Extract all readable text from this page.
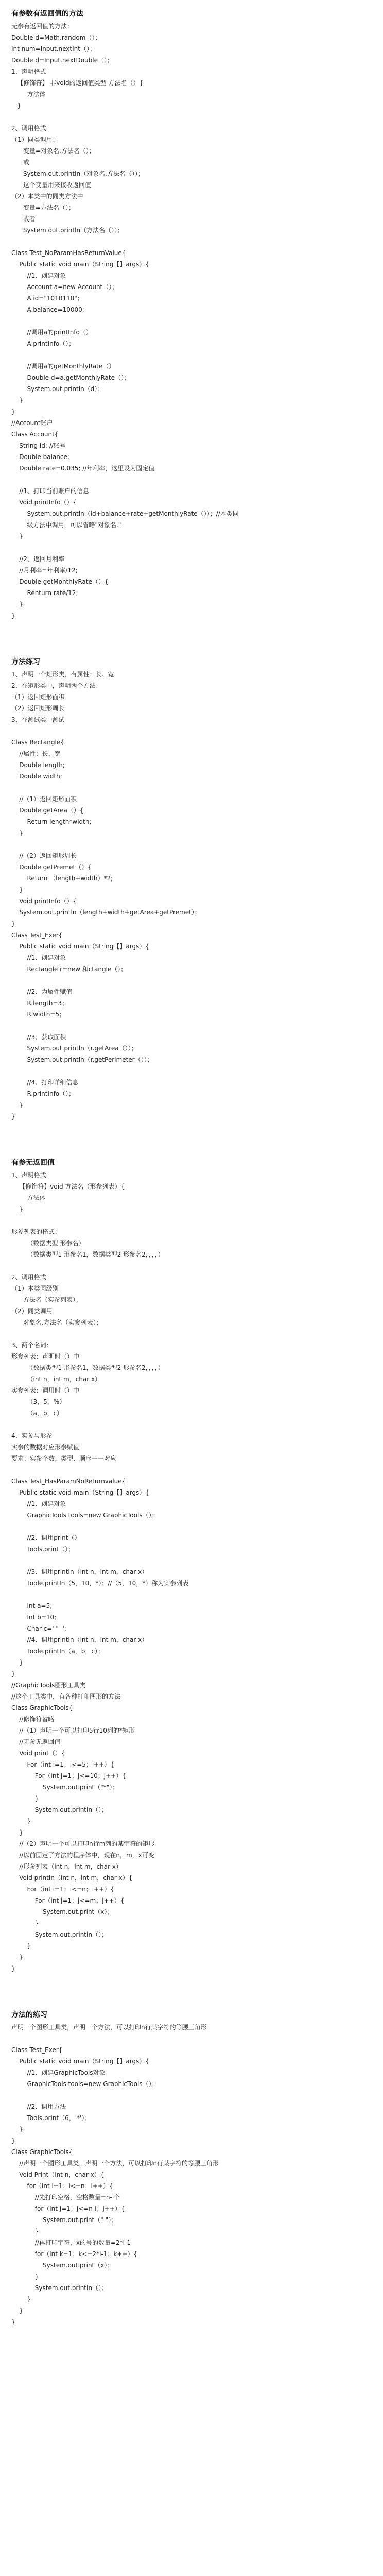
有参数有返回值的方法
无参有返回值的方法：
Double d=Math.random（）；
Int num=Input.nextInt（）；
Double d=Input.nextDouble（）；
1、声明格式
【修饰符】 非void的返回值类型 方法名（）{
方法体
}
2、调用格式
（1）同类调用：
变量=对象名.方法名（）；
或
System.out.println（对象名.方法名（））；
这个变量用来接收返回值
（2）本类中的同类方法中
变量=方法名（）；
或者
System.out.println（方法名（））；
Class Test_NoParamHasReturnValue{
Public static void main（String【】args）{
//1、创建对象
Account a=new Account（）；
A.id="1010110"；
A.balance=10000;
//调用a的printInfo（）
A.printInfo（）；
//调用a的getMonthlyRate（）
Double d=a.getMonthlyRate（）；
System.out.println（d）；
}
}
//Account账户
Class Account{
String id; //账号
Double balance;
Double rate=0.035; //年利率，这里设为固定值
//1、打印当前账户的信息
Void printInfo（）{
System.out.println（id+balance+rate+getMonthlyRate（））；//本类同
级方法中调用，可以省略"对象名."
}
//2、返回月利率
//月利率=年利率/12;
Double getMonthlyRate（）{
Renturn rate/12;
}
}
方法练习
1、声明一个矩形类，有属性：长、宽
2、在矩形类中，声明两个方法：
（1）返回矩形面积
（2）返回矩形周长
3、在测试类中测试
Class Rectangle{
//属性：长、宽
Double length;
Double width;
//（1）返回矩形面积
Double getArea（）{
Return length*width;
}
//（2）返回矩形周长
Double getPremet（）{
Return （length+width）*2;
}
Void printInfo（）{
System.out.println（length+width+getArea+getPremet）；
}
Class Test_Exer{
Public static void main（String【】args）{
//1、创建对象
Rectangle r=new 和ctangle（）；
//2、为属性赋值
R.length=3；
R.width=5；
//3、获取面积
System.out.println（r.getArea（））；
System.out.println（r.getPerimeter（））；
//4、打印详细信息
R.printInfo（）；
}
}
有参无返回值
1、声明格式
【修饰符】void 方法名（形参列表）{
方法体
}
形参列表的格式：
（数据类型 形参名）
（数据类型1 形参名1，数据类型2 形参名2，，，，）
2、调用格式
（1）本类同级别
方法名（实参列表）；
（2）同类调用
对象名.方法名（实参列表）；
3、两个名词：
形参列表：声明时（）中
（数据类型1 形参名1，数据类型2 形参名2，，，，）
（int n，int m，char x）
实参列表：调用时（）中
（3，5，%）
（a，b，c）
4、实参与形参
实参的数据对应形参赋值
要求：实参个数、类型、顺序一一对应
Class Test_HasParamNoReturnvalue{
Public static void main（String【】args）{
//1、创建对象
GraphicTools tools=new GraphicTools（）；
//2、调用print（）
Tools.print（）；
//3、调用printIn（int n，int m，char x）
Toole.printIn（5，10，*）；//（5，10，*）称为实参列表
Int a=5;
Int b=10;
Char c=' "  ';
//4、调用printIn（int n，int m，char x）
Toole.printIn（a，b，c）；
}
}
//GraphicTools图形工具类
//这个工具类中，有各种打印图形的方法
Class GraphicTools{
//修饰符省略
//（1）声明一个可以打印5行10列的*矩形
//无参无返回值
Void print（）{
For（int i=1；i<=5；i++）{
For（int j=1；j<=10；j++）{
System.out.print（"*"）；
}
System.out.println（）；
}
}
//（2）声明一个可以打印n行m列的某字符的矩形
//以前固定了方法的程序体中，现在n，m，x可变
//形参列表（int n，int m，char x）
Void printIn（int n，int m，char x）{
For（int i=1；i<=n；i++）{
For（int j=1；j<=m；j++）{
System.out.print（x）；
}
System.out.println（）；
}
}
}
方法的练习
声明一个图形工具类，声明一个方法，可以打印n行某字符的等腰三角形
Class Test_Exer{
Public static void main（String【】args）{
//1、创建GraphicTools对象
GraphicTools tools=new GraphicTools（）；
//2、调用方法
Tools.print（6，'*'）；
}
}
Class GraphicTools{
//声明一个图形工具类，声明一个方法，可以打印n行某字符的等腰三角形
Void Print（int n，char x）{
for（int i=1；i<=n；i++）{
//先打印空格，空格数量=n-i个
for（int j=1；j<=n-i；j++）{
System.out.print（" "）；
}
//再打印字符，x的号的数量=2*i-1
for（int k=1；k<=2*i-1；k++）{
System.out.print（x）；
}
System.out.println（）；
}
}
}
